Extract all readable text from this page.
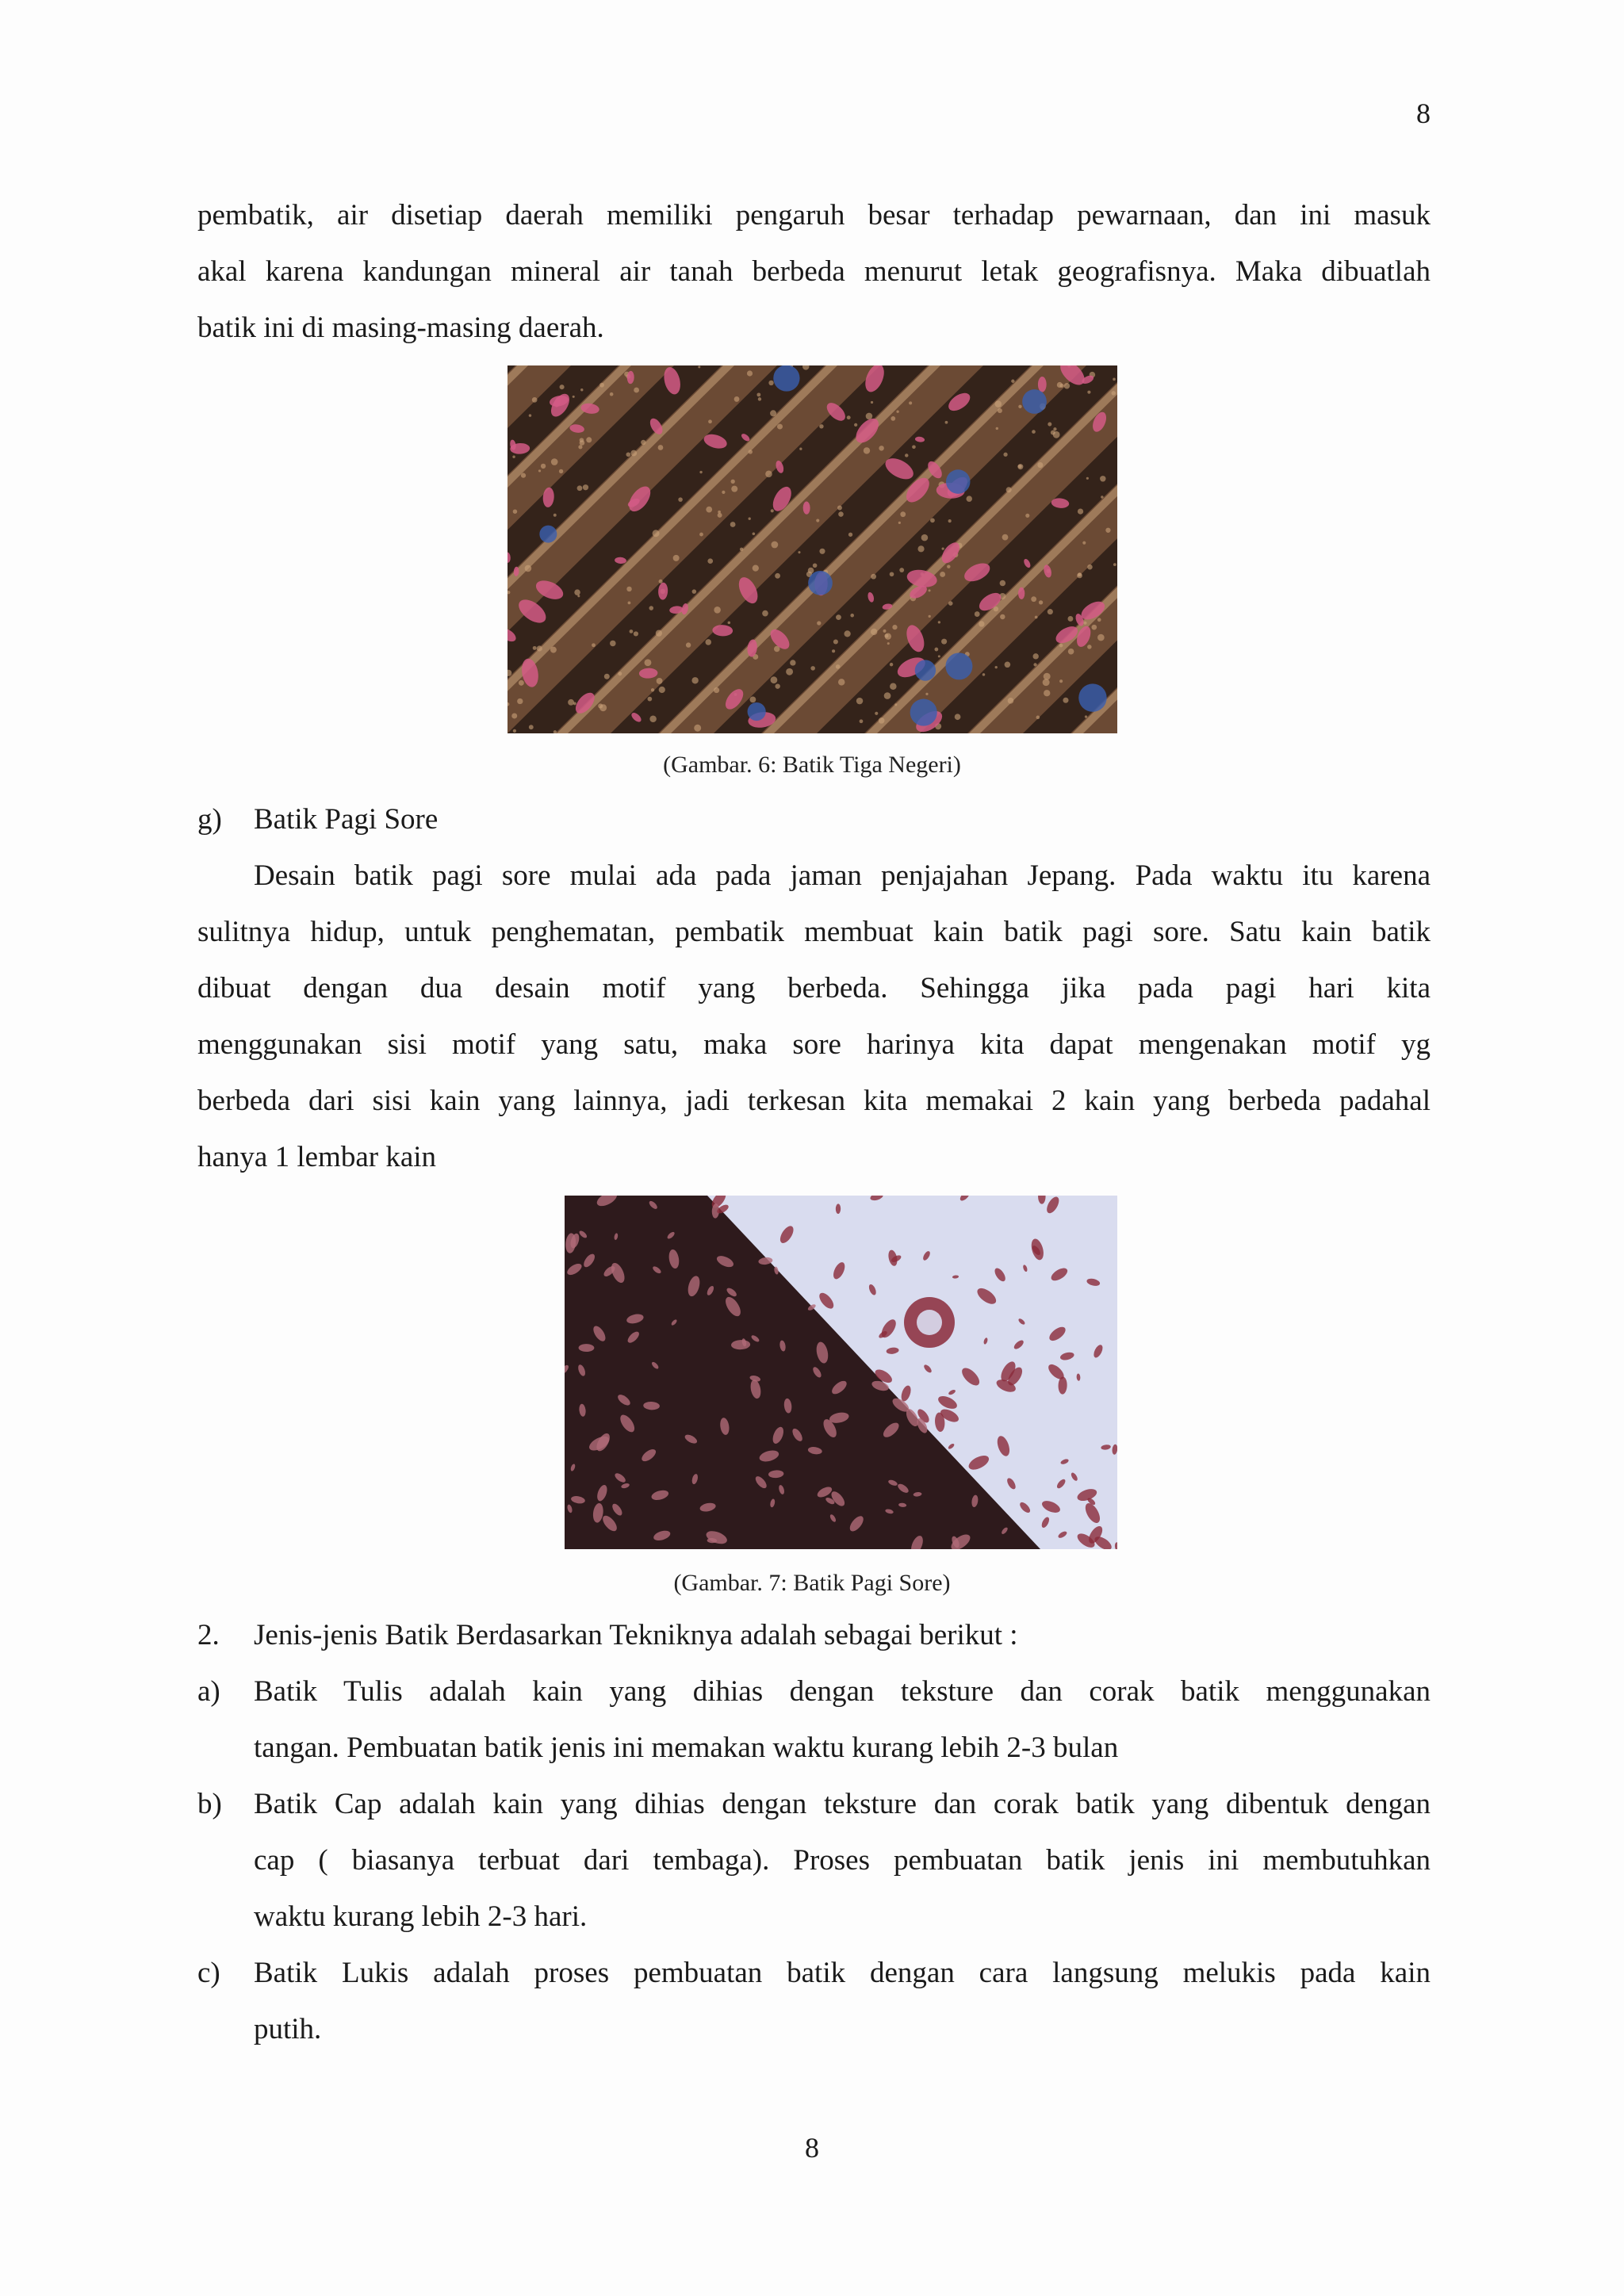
8
pembatik, air disetiap daerah memiliki pengaruh besar terhadap pewarnaan, dan ini masuk
akal karena kandungan mineral air tanah berbeda menurut letak geografisnya. Maka dibuatlah
batik ini di masing-masing daerah.
(Gambar. 6: Batik Tiga Negeri)
g) Batik Pagi Sore
Desain batik pagi sore mulai ada pada jaman penjajahan Jepang. Pada waktu itu karena
sulitnya hidup, untuk penghematan, pembatik membuat kain batik pagi sore. Satu kain batik
dibuat dengan dua desain motif yang berbeda. Sehingga jika pada pagi hari kita
menggunakan sisi motif yang satu, maka sore harinya kita dapat mengenakan motif yg
berbeda dari sisi kain yang lainnya, jadi terkesan kita memakai 2 kain yang berbeda padahal
hanya 1 lembar kain
(Gambar. 7: Batik Pagi Sore)
2. Jenis-jenis Batik Berdasarkan Tekniknya adalah sebagai berikut :
a) Batik Tulis adalah kain yang dihias dengan teksture dan corak batik menggunakan
tangan. Pembuatan batik jenis ini memakan waktu kurang lebih 2-3 bulan
b) Batik Cap adalah kain yang dihias dengan teksture dan corak batik yang dibentuk dengan
cap ( biasanya terbuat dari tembaga). Proses pembuatan batik jenis ini membutuhkan
waktu kurang lebih 2-3 hari.
c) Batik Lukis adalah proses pembuatan batik dengan cara langsung melukis pada kain
putih.
8
